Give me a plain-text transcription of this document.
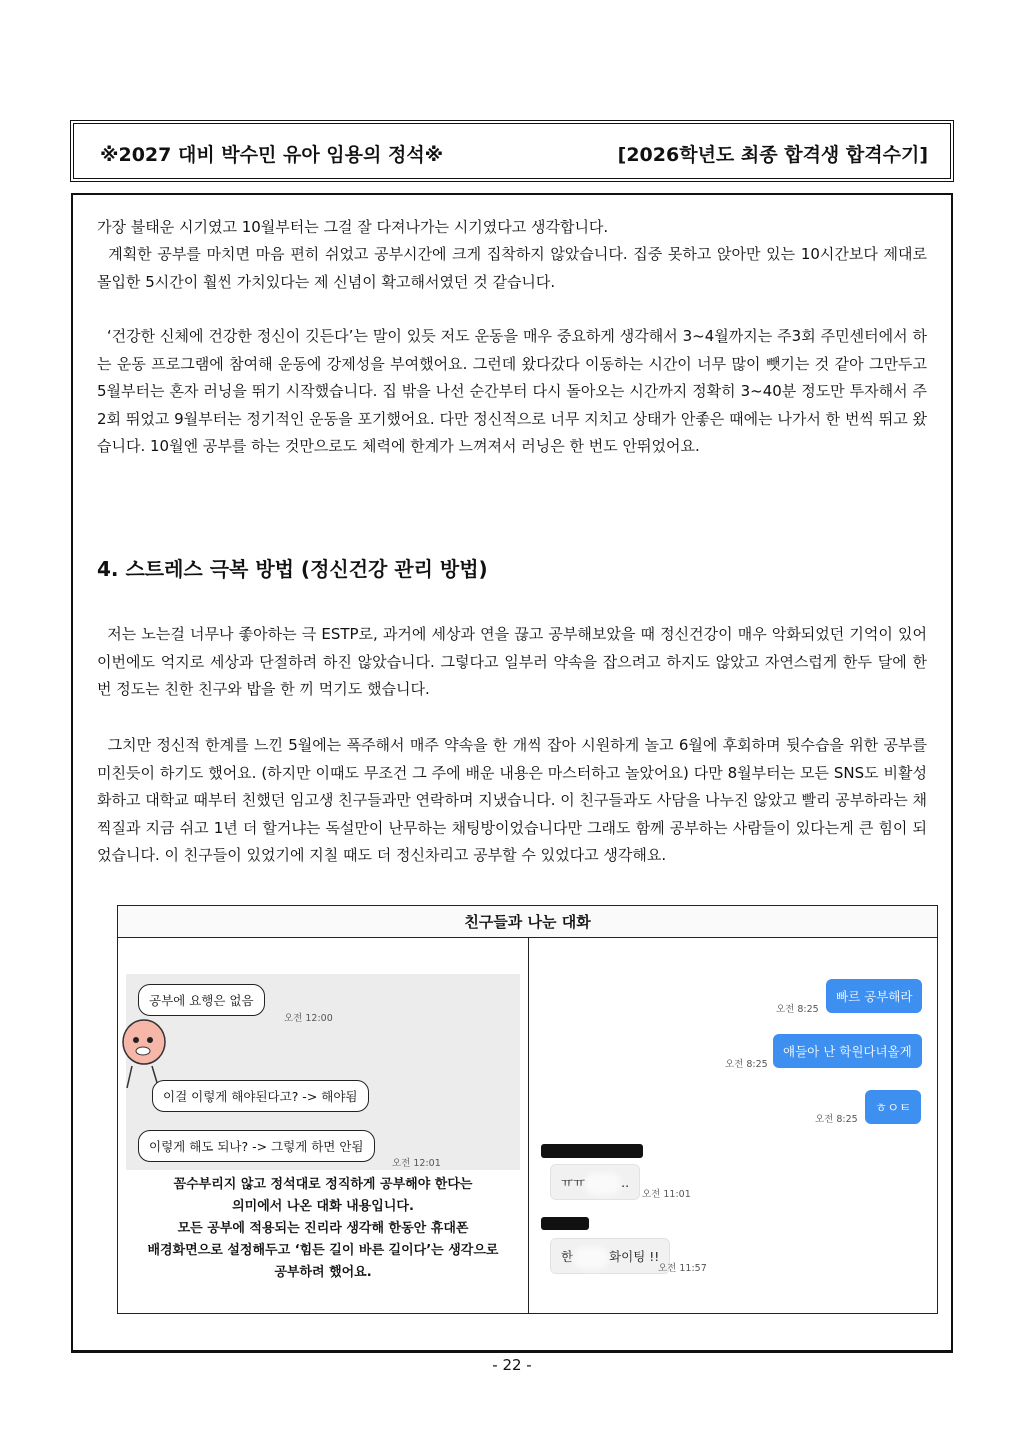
※2027 대비 박수민 유아 임용의 정석※	[2026학년도 최종 합격생 합격수기]

가장 불태운 시기였고 10월부터는 그걸 잘 다져나가는 시기였다고 생각합니다.

계획한 공부를 마치면 마음 편히 쉬었고 공부시간에 크게 집착하지 않았습니다. 집중 못하고 앉아만 있는 10시간보다 제대로 몰입한 5시간이 훨씬 가치있다는 제 신념이 확고해서였던 것 같습니다.

‘건강한 신체에 건강한 정신이 깃든다’는 말이 있듯 저도 운동을 매우 중요하게 생각해서 3~4월까지는 주3회 주민센터에서 하는 운동 프로그램에 참여해 운동에 강제성을 부여했어요. 그런데 왔다갔다 이동하는 시간이 너무 많이 뺏기는 것 같아 그만두고 5월부터는 혼자 러닝을 뛰기 시작했습니다. 집 밖을 나선 순간부터 다시 돌아오는 시간까지 정확히 3~40분 정도만 투자해서 주 2회 뛰었고 9월부터는 정기적인 운동을 포기했어요. 다만 정신적으로 너무 지치고 상태가 안좋은 때에는 나가서 한 번씩 뛰고 왔습니다. 10월엔 공부를 하는 것만으로도 체력에 한계가 느껴져서 러닝은 한 번도 안뛰었어요.

4. 스트레스 극복 방법 (정신건강 관리 방법)

저는 노는걸 너무나 좋아하는 극 ESTP로, 과거에 세상과 연을 끊고 공부해보았을 때 정신건강이 매우 악화되었던 기억이 있어 이번에도 억지로 세상과 단절하려 하진 않았습니다. 그렇다고 일부러 약속을 잡으려고 하지도 않았고 자연스럽게 한두 달에 한 번 정도는 친한 친구와 밥을 한 끼 먹기도 했습니다.

그치만 정신적 한계를 느낀 5월에는 폭주해서 매주 약속을 한 개씩 잡아 시원하게 놀고 6월에 후회하며 뒷수습을 위한 공부를 미친듯이 하기도 했어요. (하지만 이때도 무조건 그 주에 배운 내용은 마스터하고 놀았어요) 다만 8월부터는 모든 SNS도 비활성화하고 대학교 때부터 친했던 임고생 친구들과만 연락하며 지냈습니다. 이 친구들과도 사담을 나누진 않았고 빨리 공부하라는 채찍질과 지금 쉬고 1년 더 할거냐는 독설만이 난무하는 채팅방이었습니다만 그래도 함께 공부하는 사람들이 있다는게 큰 힘이 되었습니다. 이 친구들이 있었기에 지칠 때도 더 정신차리고 공부할 수 있었다고 생각해요.

친구들과 나눈 대화
공부에 요행은 없음
오전 12:00
이걸 이렇게 해야된다고? -> 해야됨
이렇게 해도 되나? -> 그렇게 하면 안됨
오전 12:01

꼼수부리지 않고 정석대로 정직하게 공부해야 한다는

의미에서 나온 대화 내용입니다.

모든 공부에 적용되는 진리라 생각해 한동안 휴대폰

배경화면으로 설정해두고 ‘힘든 길이 바른 길이다’는 생각으로

공부하려 했어요.

오전 8:25
빠르 공부해라
오전 8:25
얘들아 난 학원다녀올게
오전 8:25
ㅎㅇㅌ
ㅠㅠ	..
오전 11:01
한	화이팅 !!
오전 11:57
- 22 -
